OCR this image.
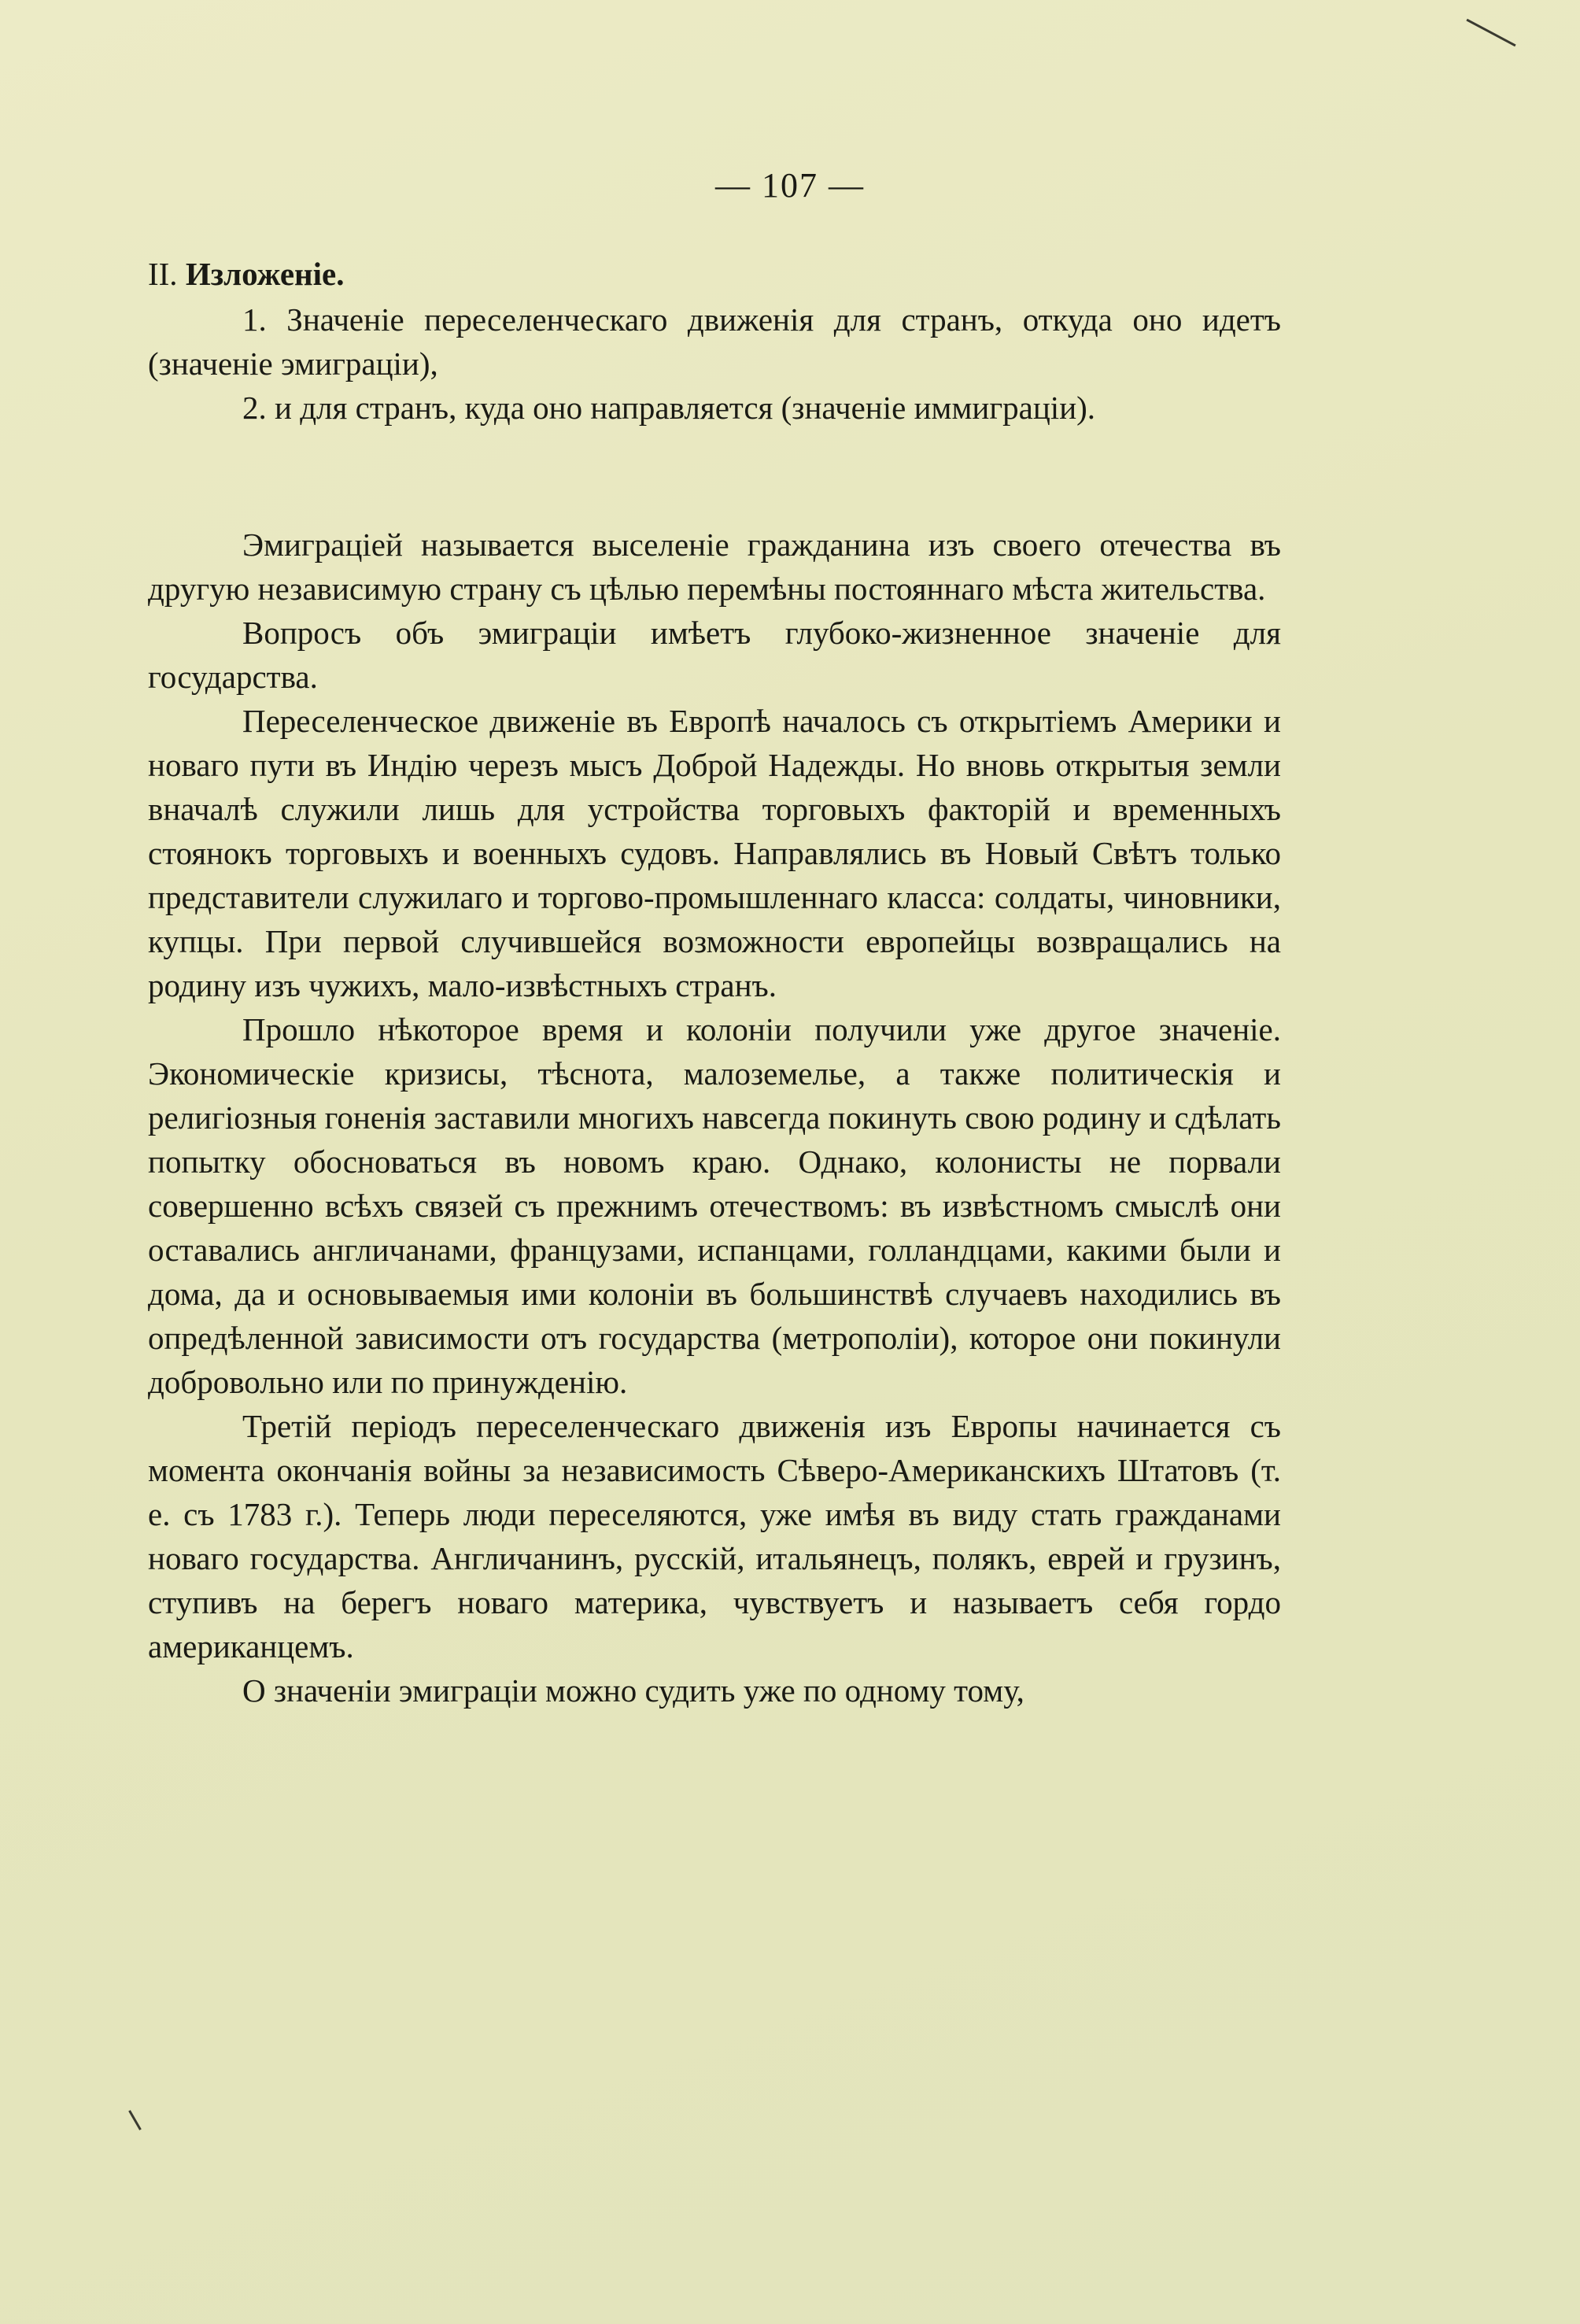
— 107 —
II. Изложеніе.

1. Значеніе переселенческаго движенія для странъ, откуда оно идетъ (значеніе эмиграціи),

2. и для странъ, куда оно направляется (значеніе иммиграціи).

Эмиграціей называется выселеніе гражданина изъ своего отечества въ другую независимую страну съ цѣлью перемѣны постояннаго мѣста жительства.

Вопросъ объ эмиграціи имѣетъ глубоко-жизненное значеніе для государства.

Переселенческое движеніе въ Европѣ началось съ открытіемъ Америки и новаго пути въ Индію черезъ мысъ Доброй Надежды. Но вновь открытыя земли вначалѣ служили лишь для устройства торговыхъ факторій и временныхъ стоянокъ торговыхъ и военныхъ судовъ. Направлялись въ Новый Свѣтъ только представители служилаго и торгово-промышленнаго класса: солдаты, чиновники, купцы. При первой случившейся возможности европейцы возвращались на родину изъ чужихъ, мало-извѣстныхъ странъ.

Прошло нѣкоторое время и колоніи получили уже другое значеніе. Экономическіе кризисы, тѣснота, малоземелье, а также политическія и религіозныя гоненія заставили многихъ навсегда покинуть свою родину и сдѣлать попытку обосноваться въ новомъ краю. Однако, колонисты не порвали совершенно всѣхъ связей съ прежнимъ отечествомъ: въ извѣстномъ смыслѣ они оставались англичанами, французами, испанцами, голландцами, какими были и дома, да и основываемыя ими колоніи въ большинствѣ случаевъ находились въ опредѣленной зависимости отъ государства (метрополіи), которое они покинули добровольно или по принужденію.

Третій періодъ переселенческаго движенія изъ Европы начинается съ момента окончанія войны за независимость Сѣверо-Американскихъ Штатовъ (т. е. съ 1783 г.). Теперь люди переселяются, уже имѣя въ виду стать гражданами новаго государства. Англичанинъ, русскій, итальянецъ, полякъ, еврей и грузинъ, ступивъ на берегъ новаго материка, чувствуетъ и называетъ себя гордо американцемъ.

О значеніи эмиграціи можно судить уже по одному тому,
